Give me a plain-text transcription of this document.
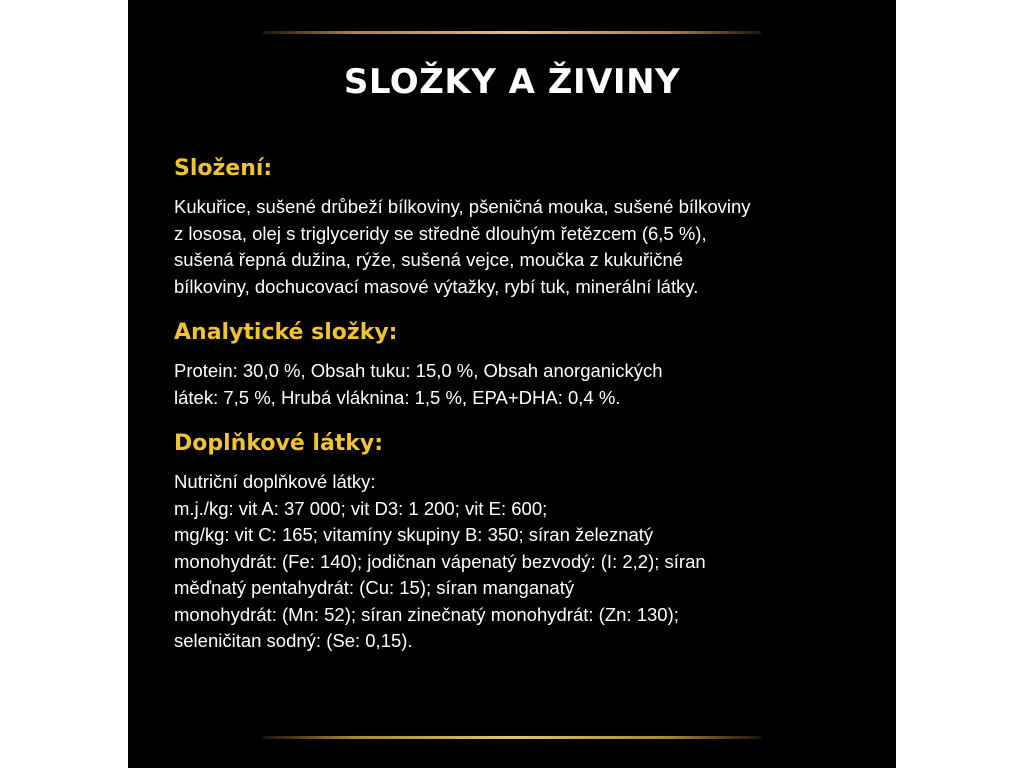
SLOŽKY A ŽIVINY
Složení:
Kukuřice, sušené drůbeží bílkoviny, pšeničná mouka, sušené bílkoviny
z lososa, olej s triglyceridy se středně dlouhým řetězcem (6,5 %),
sušená řepná dužina, rýže, sušená vejce, moučka z kukuřičné
bílkoviny, dochucovací masové výtažky, rybí tuk, minerální látky.
Analytické složky:
Protein: 30,0 %, Obsah tuku: 15,0 %, Obsah anorganických
látek: 7,5 %, Hrubá vláknina: 1,5 %, EPA+DHA: 0,4 %.
Doplňkové látky:
Nutriční doplňkové látky:
m.j./kg: vit A: 37 000; vit D3: 1 200; vit E: 600;
mg/kg: vit C: 165; vitamíny skupiny B: 350; síran železnatý
monohydrát: (Fe: 140); jodičnan vápenatý bezvodý: (I: 2,2); síran
měďnatý pentahydrát: (Cu: 15); síran manganatý
monohydrát: (Mn: 52); síran zinečnatý monohydrát: (Zn: 130);
seleničitan sodný: (Se: 0,15).
